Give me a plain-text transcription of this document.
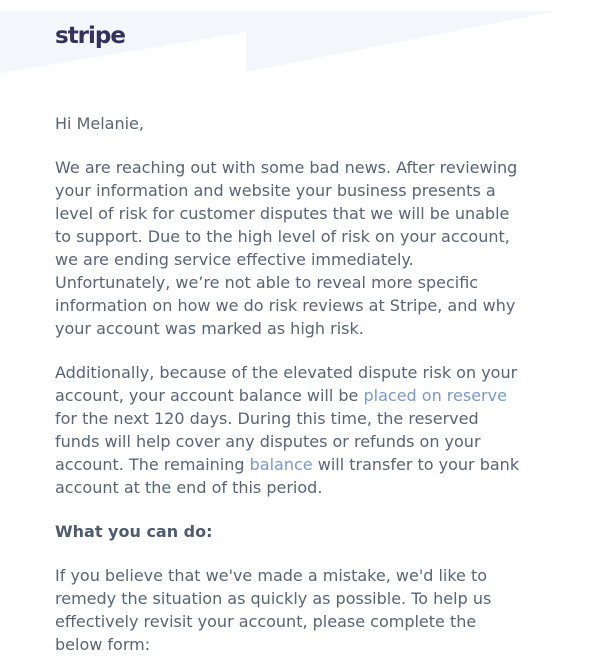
stripe

Hi Melanie,

We are reaching out with some bad news. After reviewing
your information and website your business presents a
level of risk for customer disputes that we will be unable
to support. Due to the high level of risk on your account,
we are ending service effective immediately.
Unfortunately, we’re not able to reveal more specific
information on how we do risk reviews at Stripe, and why
your account was marked as high risk.
Additionally, because of the elevated dispute risk on your
account, your account balance will be placed on reserve
for the next 120 days. During this time, the reserved
funds will help cover any disputes or refunds on your
account. The remaining balance will transfer to your bank
account at the end of this period.

What you can do:

If you believe that we've made a mistake, we'd like to
remedy the situation as quickly as possible. To help us
effectively revisit your account, please complete the
below form:
